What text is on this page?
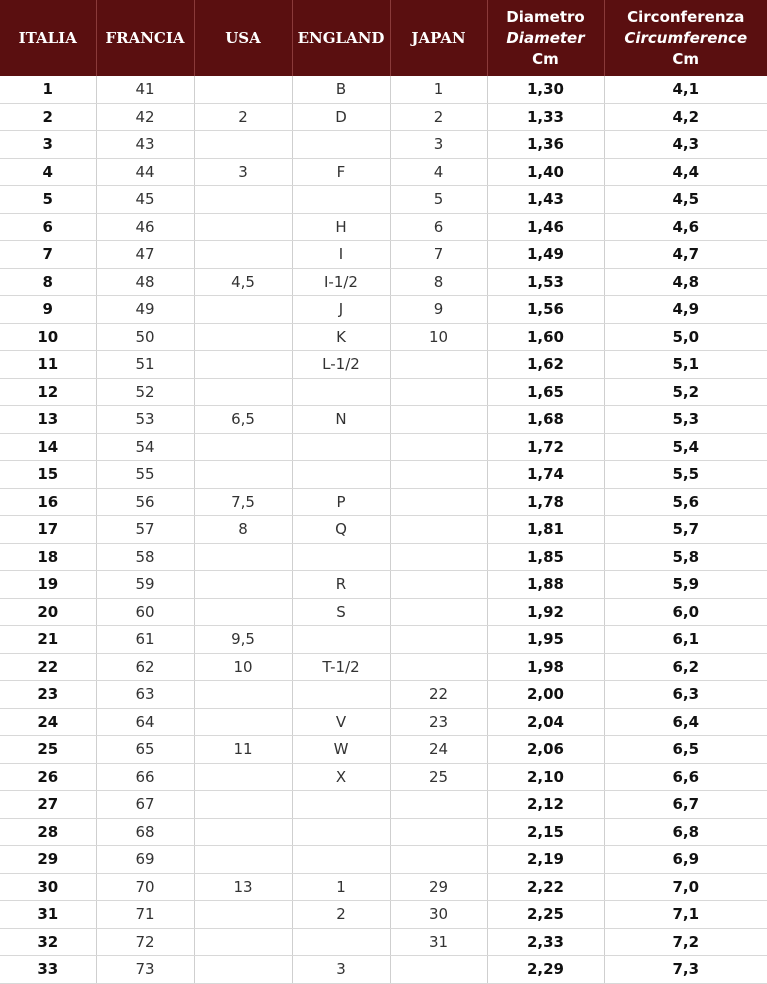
ITALIA	FRANCIA	USA	ENGLAND	JAPAN	Diametro
Diameter
Cm	Circonferenza
Circumference
Cm

1	41		B	1	1,30	4,1
2	42	2	D	2	1,33	4,2
3	43			3	1,36	4,3
4	44	3	F	4	1,40	4,4
5	45			5	1,43	4,5
6	46		H	6	1,46	4,6
7	47		I	7	1,49	4,7
8	48	4,5	I-1/2	8	1,53	4,8
9	49		J	9	1,56	4,9
10	50		K	10	1,60	5,0
11	51		L-1/2		1,62	5,1
12	52				1,65	5,2
13	53	6,5	N		1,68	5,3
14	54				1,72	5,4
15	55				1,74	5,5
16	56	7,5	P		1,78	5,6
17	57	8	Q		1,81	5,7
18	58				1,85	5,8
19	59		R		1,88	5,9
20	60		S		1,92	6,0
21	61	9,5			1,95	6,1
22	62	10	T-1/2		1,98	6,2
23	63			22	2,00	6,3
24	64		V	23	2,04	6,4
25	65	11	W	24	2,06	6,5
26	66		X	25	2,10	6,6
27	67				2,12	6,7
28	68				2,15	6,8
29	69				2,19	6,9
30	70	13	1	29	2,22	7,0
31	71		2	30	2,25	7,1
32	72			31	2,33	7,2
33	73		3		2,29	7,3
